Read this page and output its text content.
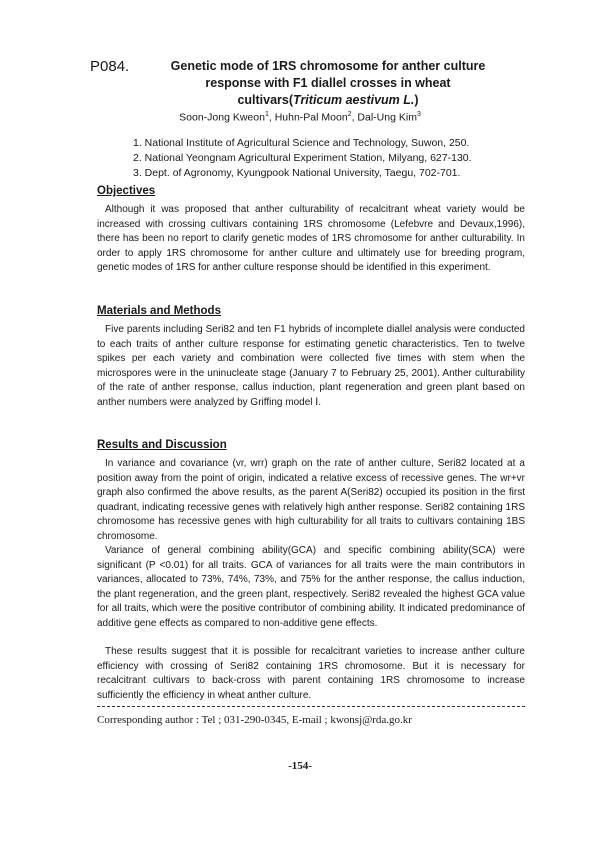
P084.	Genetic mode of 1RS chromosome for anther culture
response with F1 diallel crosses in wheat
cultivars(Triticum aestivum L.)
Soon-Jong Kweon$^1$, Huhn-Pal Moon$^2$, Dal-Ung Kim$^3$
1. National Institute of Agricultural Science and Technology, Suwon, 250.
2. National Yeongnam Agricultural Experiment Station, Milyang, 627-130.
3. Dept. of Agronomy, Kyungpook National University, Taegu, 702-701.
Objectives

Although it was proposed that anther culturability of recalcitrant wheat variety would be increased with crossing cultivars containing 1RS chromosome (Lefebvre and Devaux,1996), there has been no report to clarify genetic modes of 1RS chromosome for anther culturability. In order to apply 1RS chromosome for anther culture and ultimately use for breeding program, genetic modes of 1RS for anther culture response should be identified in this experiment.

Materials and Methods

Five parents including Seri82 and ten F1 hybrids of incomplete diallel analysis were conducted to each traits of anther culture response for estimating genetic characteristics. Ten to twelve spikes per each variety and combination were collected five times with stem when the microspores were in the uninucleate stage (January 7 to February 25, 2001). Anther culturability of the rate of anther response, callus induction, plant regeneration and green plant based on anther numbers were analyzed by Griffing model Ⅰ.

Results and Discussion

In variance and covariance (vr, wrr) graph on the rate of anther culture, Seri82 located at a position away from the point of origin, indicated a relative excess of recessive genes. The wr+vr graph also confirmed the above results, as the parent A(Seri82) occupied its position in the first quadrant, indicating recessive genes with relatively high anther response. Seri82 containing 1RS chromosome has recessive genes with high culturability for all traits to cultivars containing 1BS chromosome.

Variance of general combining ability(GCA) and specific combining ability(SCA) were significant (P <0.01) for all traits. GCA of variances for all traits were the main contributors in variances, allocated to 73%, 74%, 73%, and 75% for the anther response, the callus induction, the plant regeneration, and the green plant, respectively. Seri82 revealed the highest GCA value for all traits, which were the positive contributor of combining ability. It indicated predominance of additive gene effects as compared to non-additive gene effects.

These results suggest that it is possible for recalcitrant varieties to increase anther culture efficiency with crossing of Seri82 containing 1RS chromosome. But it is necessary for recalcitrant cultivars to back-cross with parent containing 1RS chromosome to increase sufficiently the efficiency in wheat anther culture.

Corresponding author : Tel ; 031-290-0345, E-mail ; kwonsj@rda.go.kr
-154-
